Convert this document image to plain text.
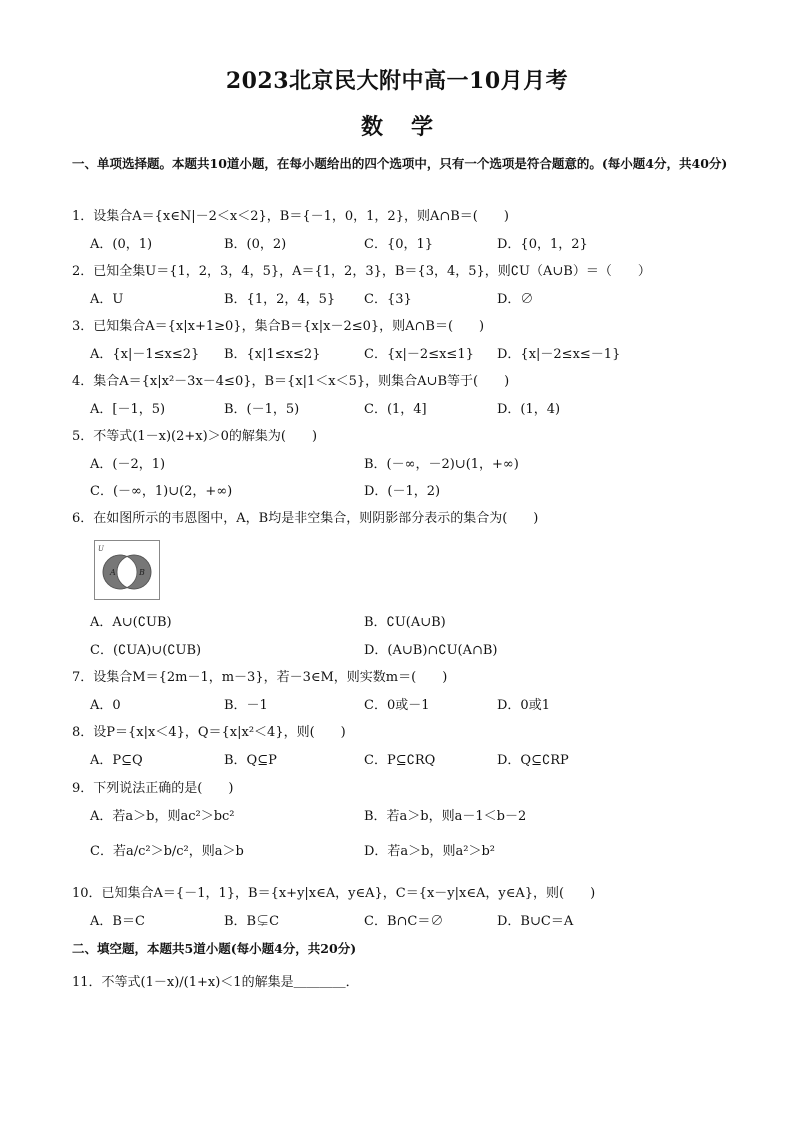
2023北京民大附中高一10月月考
数学
一、单项选择题。本题共10道小题，在每小题给出的四个选项中，只有一个选项是符合题意的。(每小题4分，共40分)
1．设集合A＝{x∈N|－2＜x＜2}，B＝{－1，0，1，2}，则A∩B＝(　　)
A．(0，1)	B．(0，2)	C．{0，1}	D．{0，1，2}
2．已知全集U＝{1，2，3，4，5}，A＝{1，2，3}，B＝{3，4，5}，则∁U（A∪B）＝（　　）
A．U	B．{1，2，4，5} C．{3}	D．∅
3．已知集合A＝{x|x+1≥0}，集合B＝{x|x－2≤0}，则A∩B＝(　　)
A．{x|－1≤x≤2} B．{x|1≤x≤2}	C．{x|－2≤x≤1} D．{x|－2≤x≤－1}
4．集合A＝{x|x²－3x－4≤0}，B＝{x|1＜x＜5}，则集合A∪B等于(　　)
A．[－1，5)	B．(－1，5)	C．(1，4]	D．(1，4)
5．不等式(1－x)(2+x)＞0的解集为(　　)
A．(－2，1)	B．(－∞，－2)∪(1，+∞)
C．(－∞，1)∪(2，+∞)	D．(－1，2)
6．在如图所示的韦恩图中，A，B均是非空集合，则阴影部分表示的集合为(　　)
U
A	B
A．A∪(∁UB)	B．∁U(A∪B)
C．(∁UA)∪(∁UB)	D．(A∪B)∩∁U(A∩B)
7．设集合M＝{2m－1，m－3}，若－3∈M，则实数m＝(　　)
A．0	B．－1	C．0或－1	D．0或1
8．设P＝{x|x＜4}，Q＝{x|x²＜4}，则(　　)
A．P⊆Q	B．Q⊆P	C．P⊆∁RQ	D．Q⊆∁RP
9．下列说法正确的是(　　)
A．若a＞b，则ac²＞bc²	B．若a＞b，则a－1＜b－2
C．若a/c²＞b/c²，则a＞b	D．若a＞b，则a²＞b²
10．已知集合A＝{－1，1}，B＝{x+y|x∈A，y∈A}，C＝{x－y|x∈A，y∈A}，则(　　)
A．B＝C	B．B⊊C	C．B∩C＝∅	D．B∪C＝A
二、填空题，本题共5道小题(每小题4分，共20分)
11．不等式(1－x)/(1+x)＜1的解集是＿＿＿＿．
